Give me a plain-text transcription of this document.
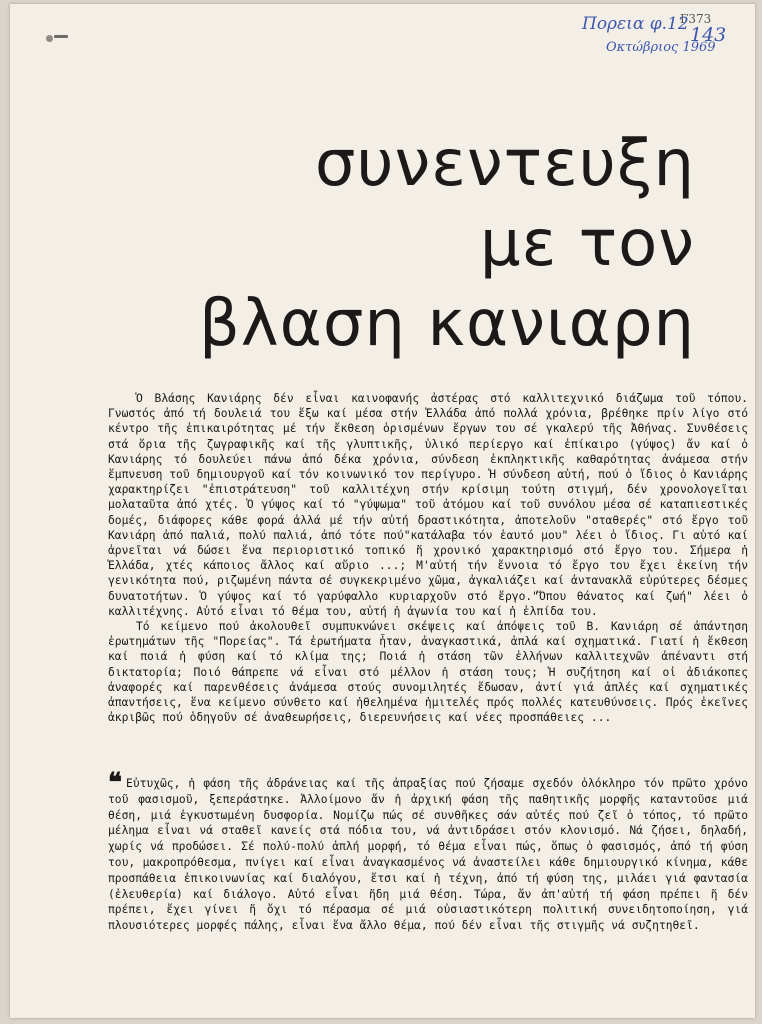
Πορεια φ.12
Οκτώβριος 1969
Γ373
143
συνεντευξη
με τον
βλαση κανιαρη

Ὁ Βλάσης Κανιάρης δέν εἶναι καινοφανής ἀστέρας στό καλλιτεχνικό διάζωμα τοῦ τόπου. Γνωστός ἀπό τή δουλειά του ἔξω καί μέσα στήν Ἑλλάδα ἀπό πολλά χρόνια, βρέθηκε πρίν λίγο στό κέντρο τῆς ἐπικαιρότητας μέ τήν ἔκθεση ὁρισμένων ἔργων του σέ γκαλερύ τῆς Ἀθήνας. Συνθέσεις στά ὅρια τῆς ζωγραφικῆς καί τῆς γλυπτικῆς, ὑλικό περίεργο καί ἐπίκαιρο (γύψος) ἄν καί ὁ Κανιάρης τό δουλεύει πάνω ἀπό δέκα χρόνια, σύνδεση ἐκπληκτικῆς καθαρότητας ἀνάμεσα στήν ἔμπνευση τοῦ δημιουργοῦ καί τόν κοινωνικό τον περίγυρο. Ἡ σύνδεση αὐτή, πού ὁ ἴδιος ὁ Κανιάρης χαρακτηρίζει "ἐπιστράτευση" τοῦ καλλιτέχνη στήν κρίσιμη τούτη στιγμή, δέν χρονολογεῖται μολαταῦτα ἀπό χτές. Ὁ γύψος καί τό "γύψωμα" τοῦ ἀτόμου καί τοῦ συνόλου μέσα σέ καταπιεστικές δομές, διάφορες κάθε φορά ἀλλά μέ τήν αὐτή δραστικότητα, ἀποτελοῦν "σταθερές" στό ἔργο τοῦ Κανιάρη ἀπό παλιά, πολύ παλιά, ἀπό τότε πού"κατάλαβα τόν ἑαυτό μου" λέει ὁ ἴδιος. Γι αὐτό καί ἀρνεῖται νά δώσει ἕνα περιοριστικό τοπικό ἤ χρονικό χαρακτηρισμό στό ἔργο του. Σήμερα ἡ Ἑλλάδα, χτές κάποιος ἄλλος καί αὔριο ...; Μ'αὐτή τήν ἔννοια τό ἔργο του ἔχει ἐκείνη τήν γενικότητα πού, ριζωμένη πάντα σέ συγκεκριμένο χῶμα, ἀγκαλιάζει καί ἀντανακλᾶ εὐρύτερες δέσμες δυνατοτήτων. Ὁ γύψος καί τό γαρύφαλλο κυριαρχοῦν στό ἔργο."Ὅπου θάνατος καί ζωή" λέει ὁ καλλιτέχνης. Αὐτό εἶναι τό θέμα του, αὐτή ἡ ἀγωνία του καί ἡ ἐλπίδα του.

Τό κείμενο πού ἀκολουθεῖ συμπυκνώνει σκέψεις καί ἀπόψεις τοῦ Β. Κανιάρη σέ ἀπάντηση ἐρωτημάτων τῆς "Πορείας". Τά ἐρωτήματα ἦταν, ἀναγκαστικά, ἁπλά καί σχηματικά. Γιατί ἡ ἔκθεση καί ποιά ἡ φύση καί τό κλίμα της; Ποιά ἡ στάση τῶν ἑλλήνων καλλιτεχνῶν ἀπέναντι στή δικτατορία; Ποιό θάπρεπε νά εἶναι στό μέλλον ἡ στάση τους; Ἡ συζήτηση καί οἱ ἀδιάκοπες ἀναφορές καί παρενθέσεις ἀνάμεσα στούς συνομιλητές ἔδωσαν, ἀντί γιά ἁπλές καί σχηματικές ἀπαντήσεις, ἕνα κείμενο σύνθετο καί ἠθελημένα ἡμιτελές πρός πολλές κατευθύνσεις. Πρός ἐκεῖνες ἀκριβῶς πού ὁδηγοῦν σέ ἀναθεωρήσεις, διερευνήσεις καί νέες προσπάθειες ...

❝ Εὐτυχῶς, ἡ φάση τῆς ἀδράνειας καί τῆς ἀπραξίας πού ζήσαμε σχεδόν ὁλόκληρο τόν πρῶτο χρόνο τοῦ φασισμοῦ, ξεπεράστηκε. Ἀλλοίμονο ἄν ἡ ἀρχική φάση τῆς παθητικῆς μορφῆς καταντοῦσε μιά θέση, μιά ἐγκυστωμένη δυσφορία. Νομίζω πώς σέ συνθῆκες σάν αὐτές πού ζεῖ ὁ τόπος, τό πρῶτο μέλημα εἶναι νά σταθεῖ κανείς στά πόδια του, νά ἀντιδράσει στόν κλονισμό. Νά ζήσει, δηλαδή, χωρίς νά προδώσει. Σέ πολύ-πολύ ἁπλή μορφή, τό θέμα εἶναι πώς, ὅπως ὁ φασισμός, ἀπό τή φύση του, μακροπρόθεσμα, πνίγει καί εἶναι ἀναγκασμένος νά ἀναστείλει κάθε δημιουργικό κίνημα, κάθε προσπάθεια ἐπικοινωνίας καί διαλόγου, ἔτσι καί ἡ τέχνη, ἀπό τή φύση της, μιλάει γιά φαντασία (ἐλευθερία) καί διάλογο. Αὐτό εἶναι ἤδη μιά θέση. Τώρα, ἄν ἀπ'αὐτή τή φάση πρέπει ἤ δέν πρέπει, ἔχει γίνει ἤ ὄχι τό πέρασμα σέ μιά οὐσιαστικότερη πολιτική συνειδητοποίηση, γιά πλουσιότερες μορφές πάλης, εἶναι ἕνα ἄλλο θέμα, πού δέν εἶναι τῆς στιγμῆς νά συζητηθεῖ.
